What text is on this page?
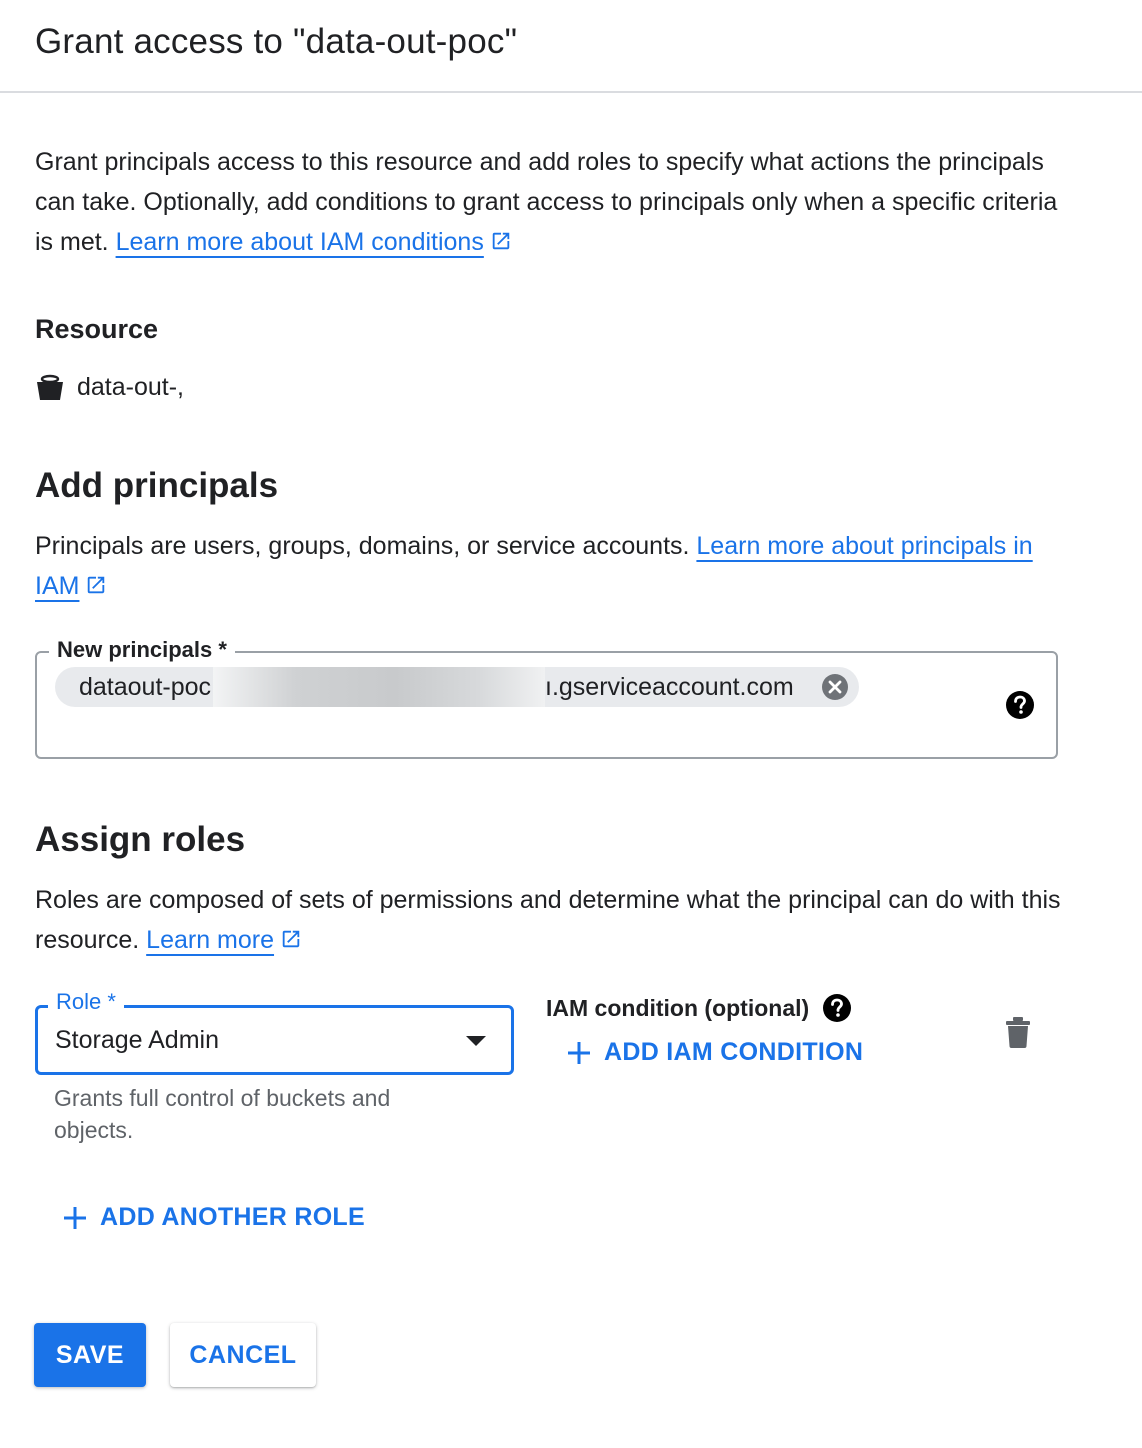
Grant access to "data-out-poc"
Grant principals access to this resource and add roles to specify what actions the principals can take. Optionally, add conditions to grant access to principals only when a specific criteria is met. Learn more about IAM conditions
Resource
data-out-,
Add principals
Principals are users, groups, domains, or service accounts. Learn more about principals in IAM
New principals *
dataout-poc	ı.gserviceaccount.com
Assign roles
Roles are composed of sets of permissions and determine what the principal can do with this resource. Learn more
Role *
Storage Admin
Grants full control of buckets and objects.
IAM condition (optional)
ADD IAM CONDITION
ADD ANOTHER ROLE
SAVE	CANCEL
